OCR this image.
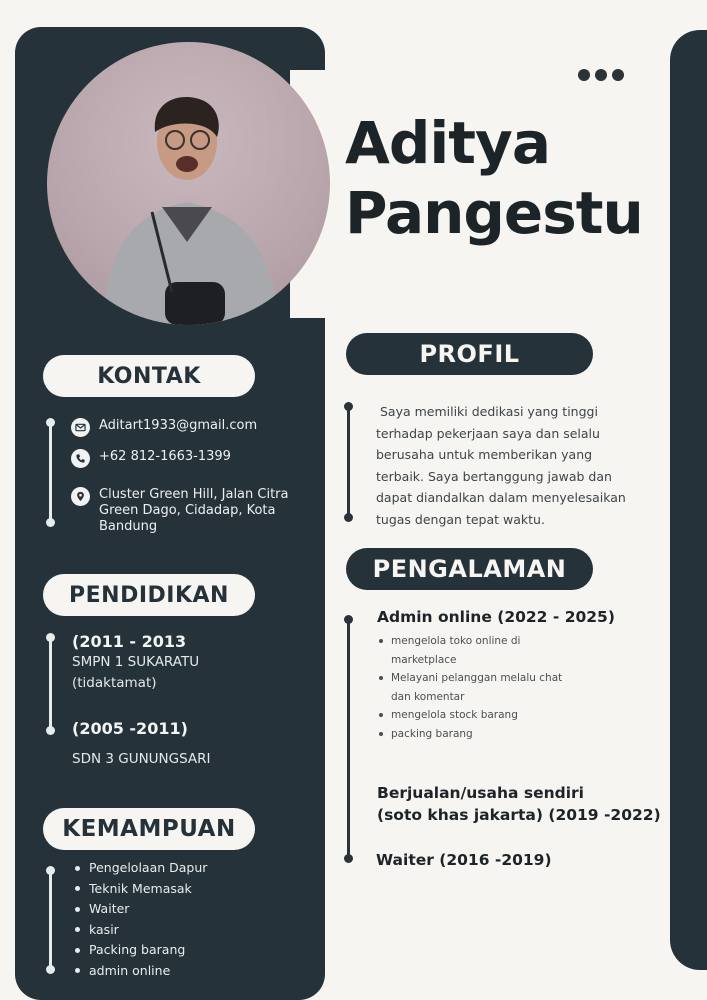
Aditya
Pangestu
KONTAK
Aditart1933@gmail.com
+62 812-1663-1399
Cluster Green Hill, Jalan Citra
Green Dago, Cidadap, Kota
Bandung
PENDIDIKAN
(2011 - 2013
SMPN 1 SUKARATU
(tidaktamat)
(2005 -2011)
SDN 3 GUNUNGSARI
KEMAMPUAN
Pengelolaan Dapur
Teknik Memasak
Waiter
kasir
Packing barang
admin online
PROFIL
Saya memiliki dedikasi yang tinggi
terhadap pekerjaan saya dan selalu
berusaha untuk memberikan yang
terbaik. Saya bertanggung jawab dan
dapat diandalkan dalam menyelesaikan
tugas dengan tepat waktu.
PENGALAMAN
Admin online (2022 - 2025)
mengelola toko online di
marketplace
Melayani pelanggan melalu chat
dan komentar
mengelola stock barang
packing barang
Berjualan/usaha sendiri
(soto khas jakarta) (2019 -2022)
Waiter (2016 -2019)
